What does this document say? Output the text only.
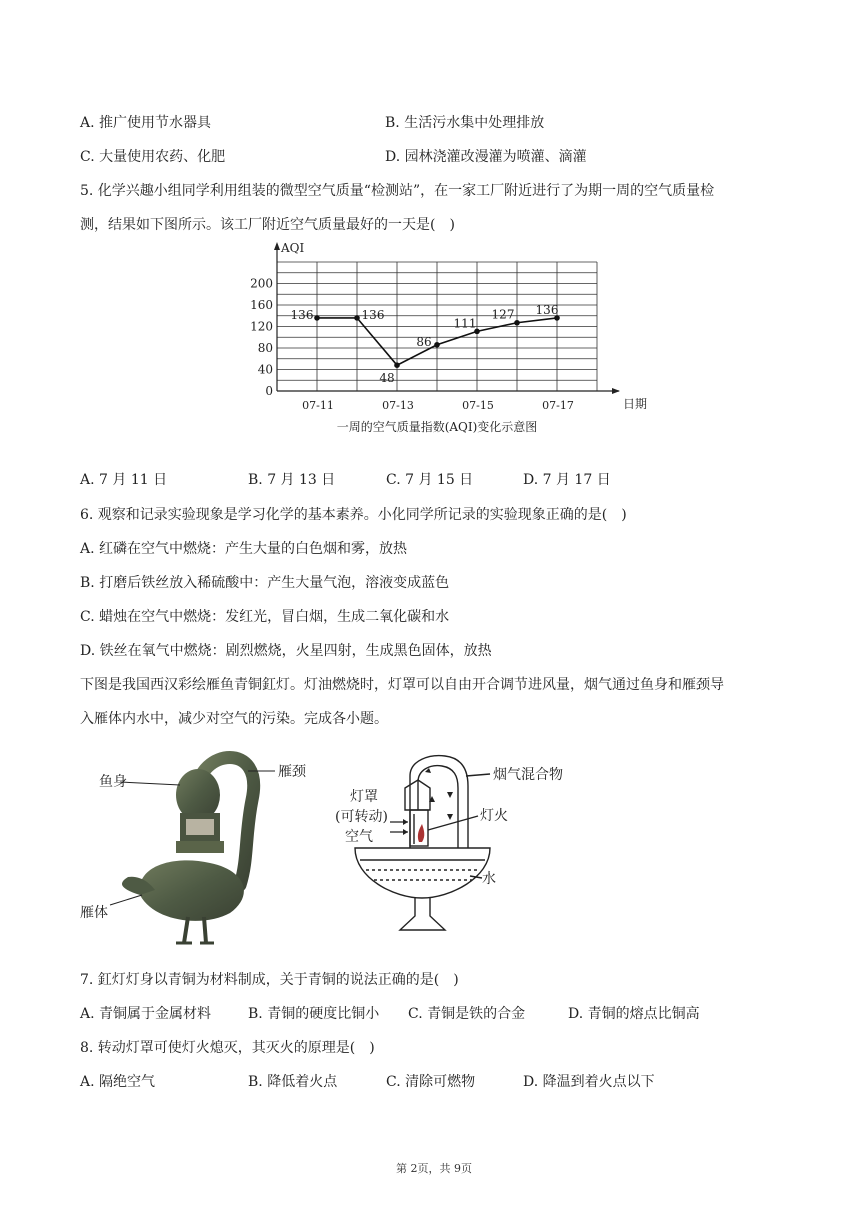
A. 推广使用节水器具	B. 生活污水集中处理排放
C. 大量使用农药、化肥	D. 园林浇灌改漫灌为喷灌、滴灌
5. 化学兴趣小组同学利用组装的微型空气质量“检测站”，在一家工厂附近进行了为期一周的空气质量检
测，结果如下图所示。该工厂附近空气质量最好的一天是(　)
0
40
80
120
160
200
AQI
日期
07-11	07-13	07-15	07-17
136	136
48
86
111
127 136
一周的空气质量指数(AQI)变化示意图
A. 7 月 11 日	B. 7 月 13 日	C. 7 月 15 日	D. 7 月 17 日
6. 观察和记录实验现象是学习化学的基本素养。小化同学所记录的实验现象正确的是(　)
A. 红磷在空气中燃烧：产生大量的白色烟和雾，放热
B. 打磨后铁丝放入稀硫酸中：产生大量气泡，溶液变成蓝色
C. 蜡烛在空气中燃烧：发红光，冒白烟，生成二氧化碳和水
D. 铁丝在氧气中燃烧：剧烈燃烧，火星四射，生成黑色固体，放热
下图是我国西汉彩绘雁鱼青铜釭灯。灯油燃烧时，灯罩可以自由开合调节进风量，烟气通过鱼身和雁颈导
入雁体内水中，减少对空气的污染。完成各小题。
鱼身
雁颈
雁体
烟气混合物
灯罩
(可转动)	灯火
空气
水
7. 釭灯灯身以青铜为材料制成，关于青铜的说法正确的是(　)
A. 青铜属于金属材料	B. 青铜的硬度比铜小 C. 青铜是铁的合金	D. 青铜的熔点比铜高
8. 转动灯罩可使灯火熄灭，其灭火的原理是(　)
A. 隔绝空气	B. 降低着火点	C. 清除可燃物	D. 降温到着火点以下
第 2页，共 9页
